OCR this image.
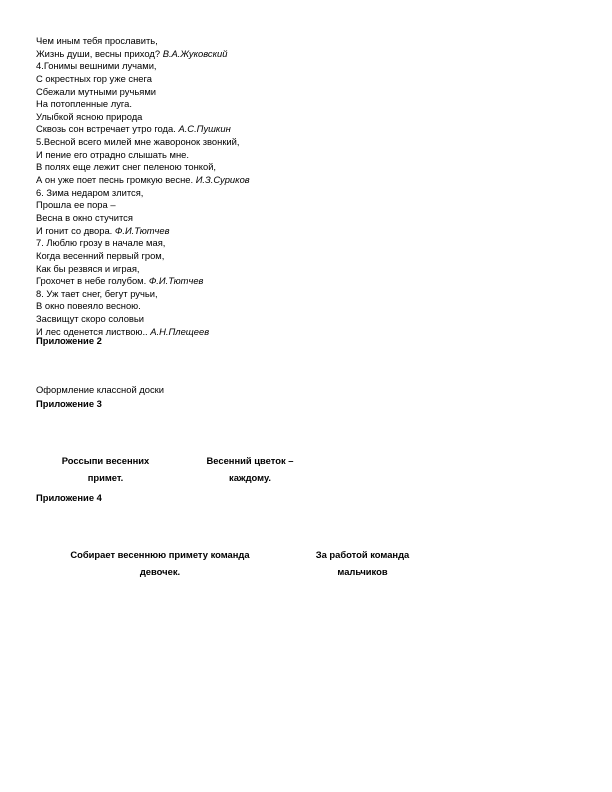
Чем иным тебя прославить,
Жизнь души, весны приход? В.А.Жуковский
4.Гонимы вешними лучами,
С окрестных гор уже снега
Сбежали мутными ручьями
На потопленные луга.
Улыбкой ясною природа
Сквозь сон встречает утро года. А.С.Пушкин
5.Весной всего милей мне жаворонок звонкий,
И пение его отрадно слышать мне.
В полях еще лежит снег пеленою тонкой,
А он уже поет песнь громкую весне. И.З.Суриков
6. Зима недаром злится,
Прошла ее пора –
Весна в окно стучится
И гонит со двора. Ф.И.Тютчев
7. Люблю грозу в начале мая,
Когда весенний первый гром,
Как бы резвяся и играя,
Грохочет в небе голубом. Ф.И.Тютчев
8. Уж тает снег, бегут ручьи,
В окно повеяло весною.
Засвищут скоро соловьи
И лес оденется листвою.. А.Н.Плещеев
Приложение 2
Оформление классной доски
Приложение 3
Россыпи весенних
примет.
Весенний цветок –
каждому.
Приложение 4
Собирает весеннюю примету команда
девочек.
За работой команда
мальчиков
